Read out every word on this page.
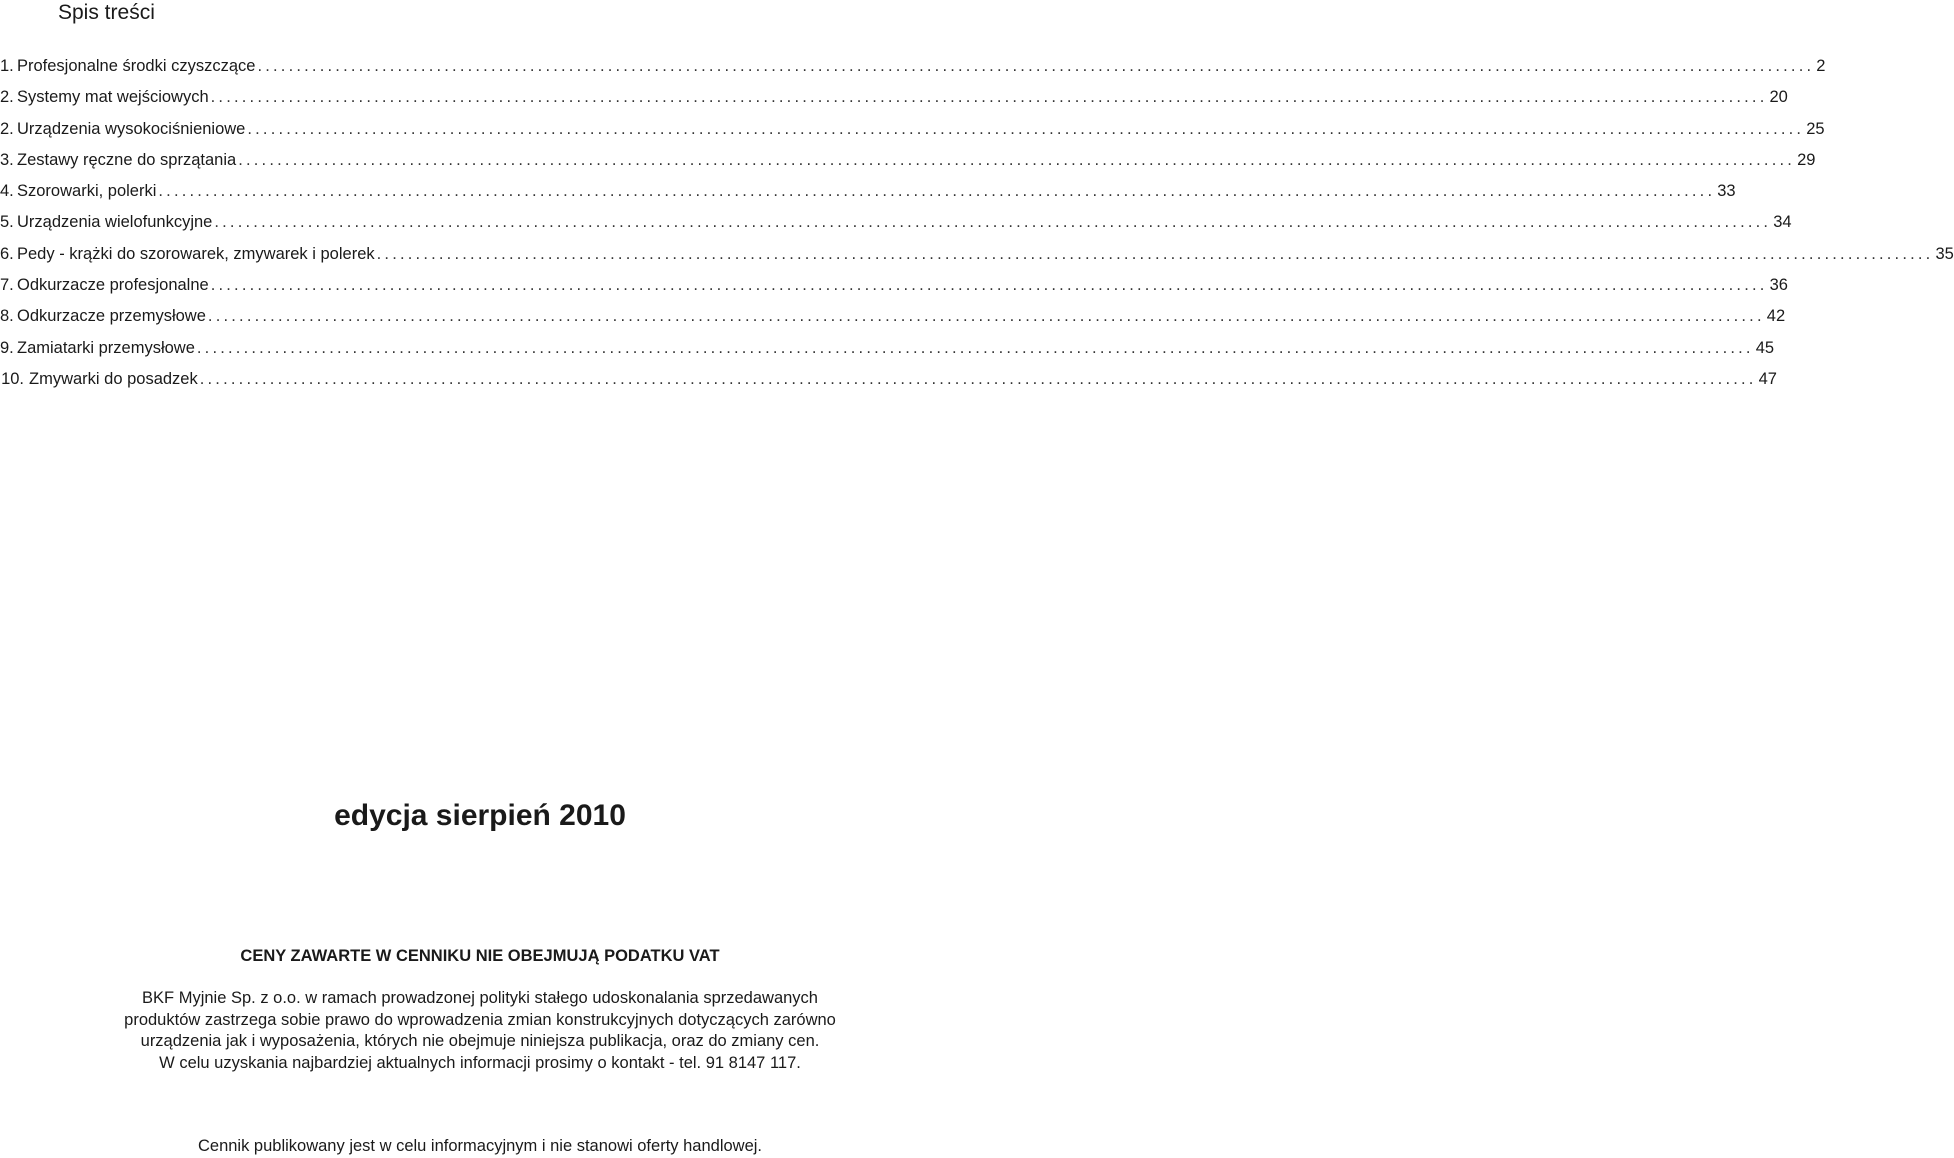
Spis treści
1. Profesjonalne środki czyszczące ........................................................................................................................................................................................................ 2
2. Systemy mat wejściowych ........................................................................................................................................................................................................ 20
2. Urządzenia wysokociśnieniowe ........................................................................................................................................................................................................ 25
3. Zestawy ręczne do sprzątania ........................................................................................................................................................................................................ 29
4. Szorowarki, polerki ........................................................................................................................................................................................................ 33
5. Urządzenia wielofunkcyjne ........................................................................................................................................................................................................ 34
6. Pedy - krążki do szorowarek, zmywarek i polerek ........................................................................................................................................................................................................ 35
7. Odkurzacze profesjonalne ........................................................................................................................................................................................................ 36
8. Odkurzacze przemysłowe ........................................................................................................................................................................................................ 42
9. Zamiatarki przemysłowe ........................................................................................................................................................................................................ 45
10. Zmywarki do posadzek ........................................................................................................................................................................................................ 47
edycja sierpień 2010
CENY ZAWARTE W CENNIKU NIE OBEJMUJĄ PODATKU VAT

BKF Myjnie Sp. z o.o. w ramach prowadzonej polityki stałego udoskonalania sprzedawanych
produktów zastrzega sobie prawo do wprowadzenia zmian konstrukcyjnych dotyczących zarówno
urządzenia jak i wyposażenia, których nie obejmuje niniejsza publikacja, oraz do zmiany cen.
W celu uzyskania najbardziej aktualnych informacji prosimy o kontakt - tel. 91 8147 117.

Cennik publikowany jest w celu informacyjnym i nie stanowi oferty handlowej.
